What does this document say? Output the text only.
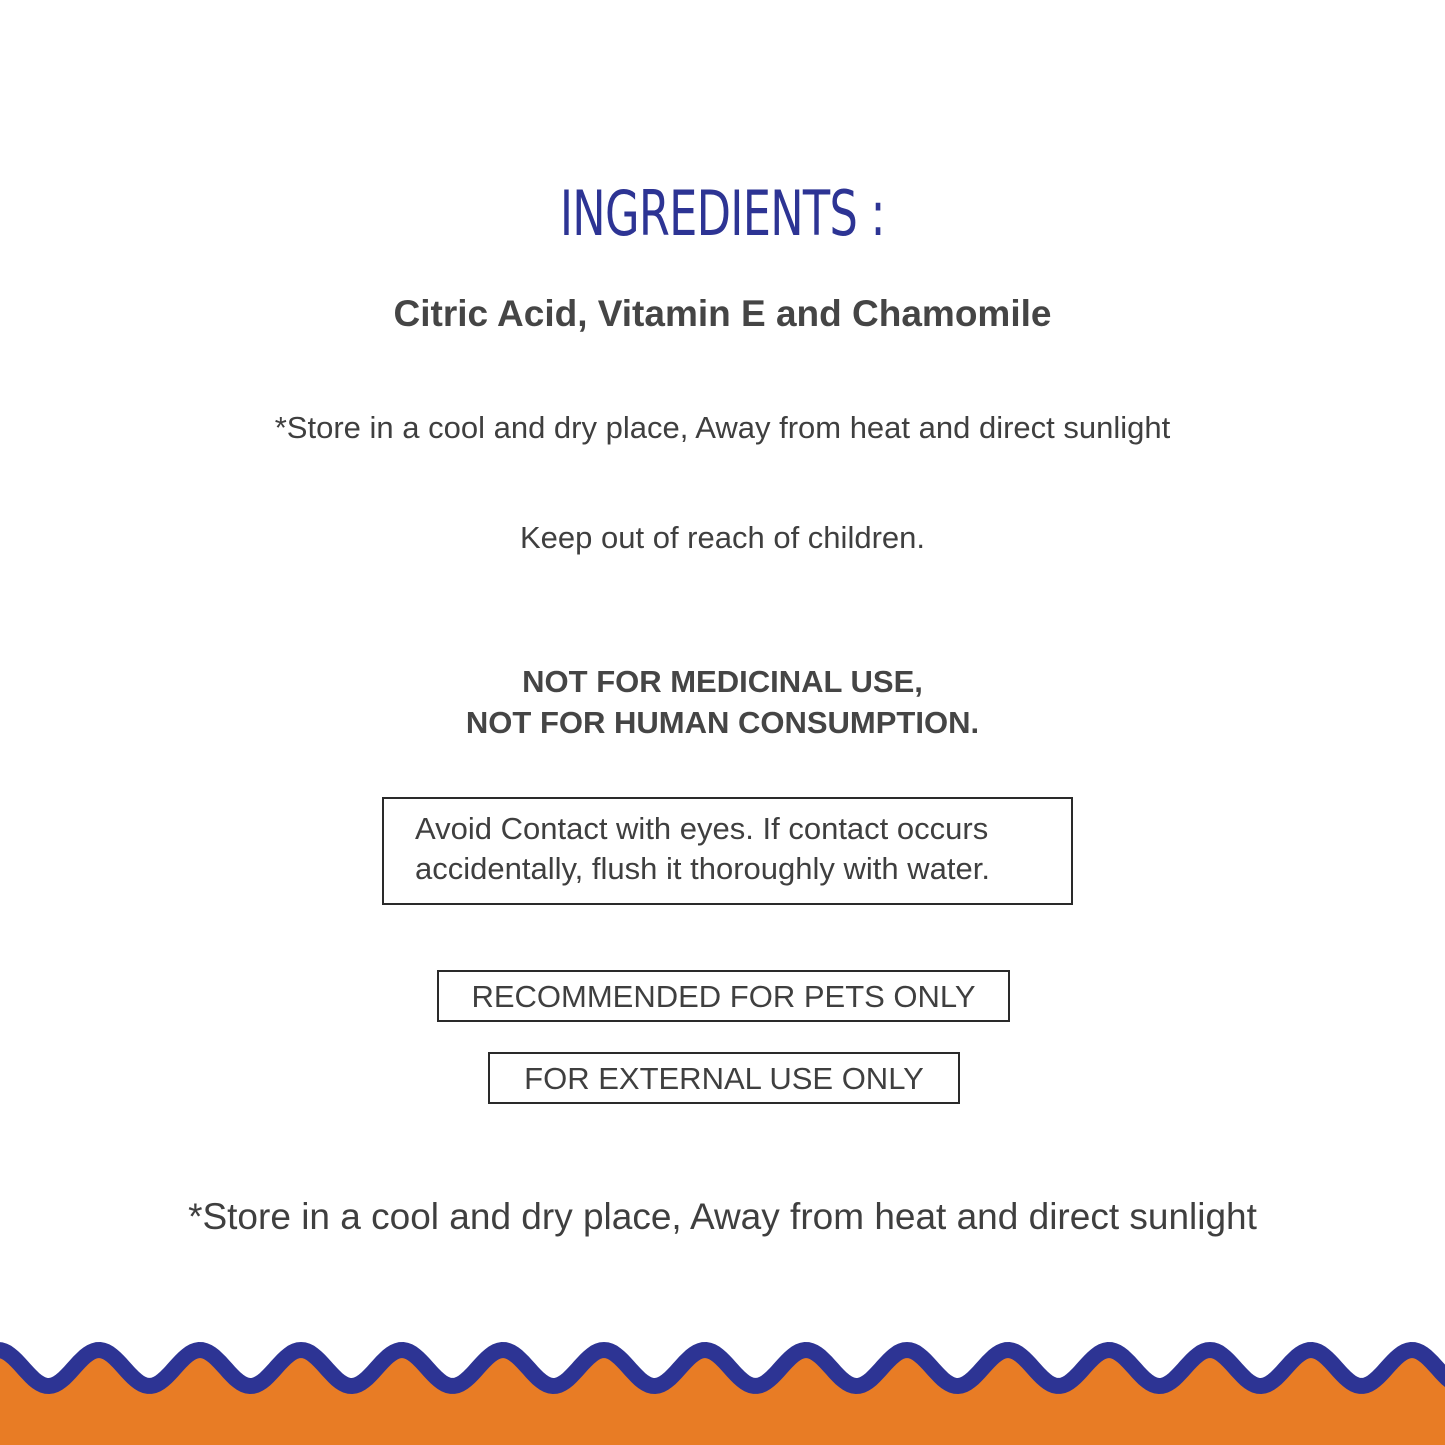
INGREDIENTS :
Citric Acid, Vitamin E and Chamomile
*Store in a cool and dry place, Away from heat and direct sunlight
Keep out of reach of children.
NOT FOR MEDICINAL USE,
NOT FOR HUMAN CONSUMPTION.
Avoid Contact with eyes. If contact occurs
accidentally, flush it thoroughly with water.
RECOMMENDED FOR PETS ONLY
FOR EXTERNAL USE ONLY
*Store in a cool and dry place, Away from heat and direct sunlight
